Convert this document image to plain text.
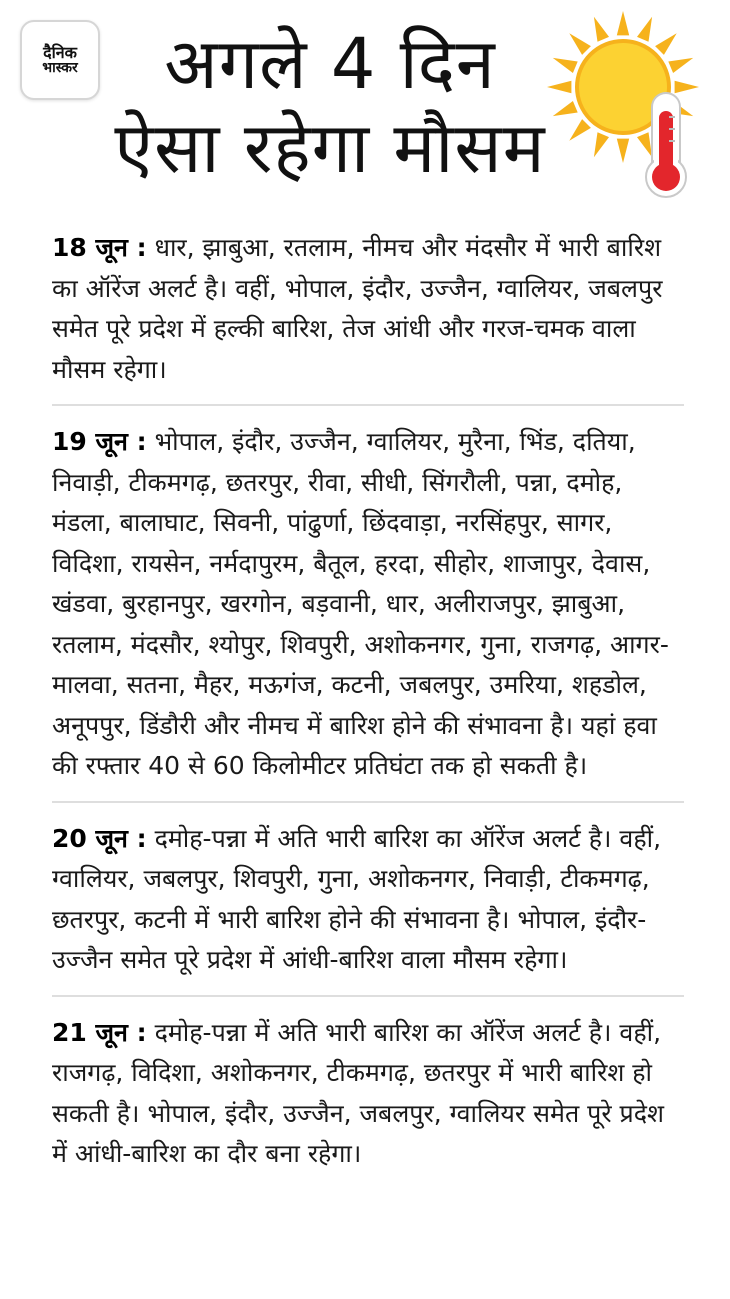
दैनिक
भास्कर	अगले 4 दिन
ऐसा रहेगा मौसम

18 जून : धार, झाबुआ, रतलाम, नीमच और मंदसौर में भारी बारिश का ऑरेंज अलर्ट है। वहीं, भोपाल, इंदौर, उज्जैन, ग्वालियर, जबलपुर समेत पूरे प्रदेश में हल्की बारिश, तेज आंधी और गरज-चमक वाला मौसम रहेगा।

19 जून : भोपाल, इंदौर, उज्जैन, ग्वालियर, मुरैना, भिंड, दतिया, निवाड़ी, टीकमगढ़, छतरपुर, रीवा, सीधी, सिंगरौली, पन्ना, दमोह, मंडला, बालाघाट, सिवनी, पांढुर्णा, छिंदवाड़ा, नरसिंहपुर, सागर, विदिशा, रायसेन, नर्मदापुरम, बैतूल, हरदा, सीहोर, शाजापुर, देवास, खंडवा, बुरहानपुर, खरगोन, बड़वानी, धार, अलीराजपुर, झाबुआ, रतलाम, मंदसौर, श्योपुर, शिवपुरी, अशोकनगर, गुना, राजगढ़, आगर-मालवा, सतना, मैहर, मऊगंज, कटनी, जबलपुर, उमरिया, शहडोल, अनूपपुर, डिंडौरी और नीमच में बारिश होने की संभावना है। यहां हवा की रफ्तार 40 से 60 किलोमीटर प्रतिघंटा तक हो सकती है।

20 जून : दमोह-पन्ना में अति भारी बारिश का ऑरेंज अलर्ट है। वहीं, ग्वालियर, जबलपुर, शिवपुरी, गुना, अशोकनगर, निवाड़ी, टीकमगढ़, छतरपुर, कटनी में भारी बारिश होने की संभावना है। भोपाल, इंदौर-उज्जैन समेत पूरे प्रदेश में आंधी-बारिश वाला मौसम रहेगा।

21 जून : दमोह-पन्ना में अति भारी बारिश का ऑरेंज अलर्ट है। वहीं, राजगढ़, विदिशा, अशोकनगर, टीकमगढ़, छतरपुर में भारी बारिश हो सकती है। भोपाल, इंदौर, उज्जैन, जबलपुर, ग्वालियर समेत पूरे प्रदेश में आंधी-बारिश का दौर बना रहेगा।
